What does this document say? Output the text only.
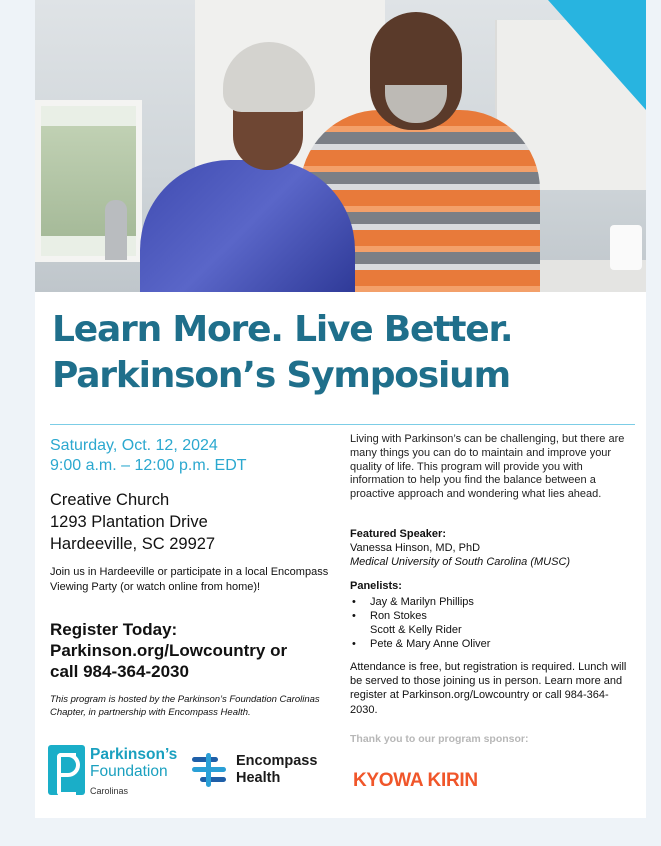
Learn More. Live Better.
Parkinson’s Symposium
Saturday, Oct. 12, 2024
9:00 a.m. – 12:00 p.m. EDT
Creative Church
1293 Plantation Drive
Hardeeville, SC 29927
Join us in Hardeeville or participate in a local Encompass Viewing Party (or watch online from home)!
Register Today:
Parkinson.org/Lowcountry or
call 984-364-2030
This program is hosted by the Parkinson’s Foundation Carolinas Chapter, in partnership with Encompass Health.
Parkinson’s
Foundation
Carolinas
Encompass
Health
Living with Parkinson’s can be challenging, but there are many things you can do to maintain and improve your quality of life. This program will provide you with information to help you find the balance between a proactive approach and wondering what lies ahead.
Featured Speaker:
Vanessa Hinson, MD, PhD
Medical University of South Carolina (MUSC)
Panelists:
• Jay & Marilyn Phillips
• Ron Stokes
Scott & Kelly Rider
• Pete & Mary Anne Oliver
Attendance is free, but registration is required. Lunch will be served to those joining us in person. Learn more and register at Parkinson.org/Lowcountry or call 984-364-2030.
Thank you to our program sponsor:
KYOWA KIRIN
